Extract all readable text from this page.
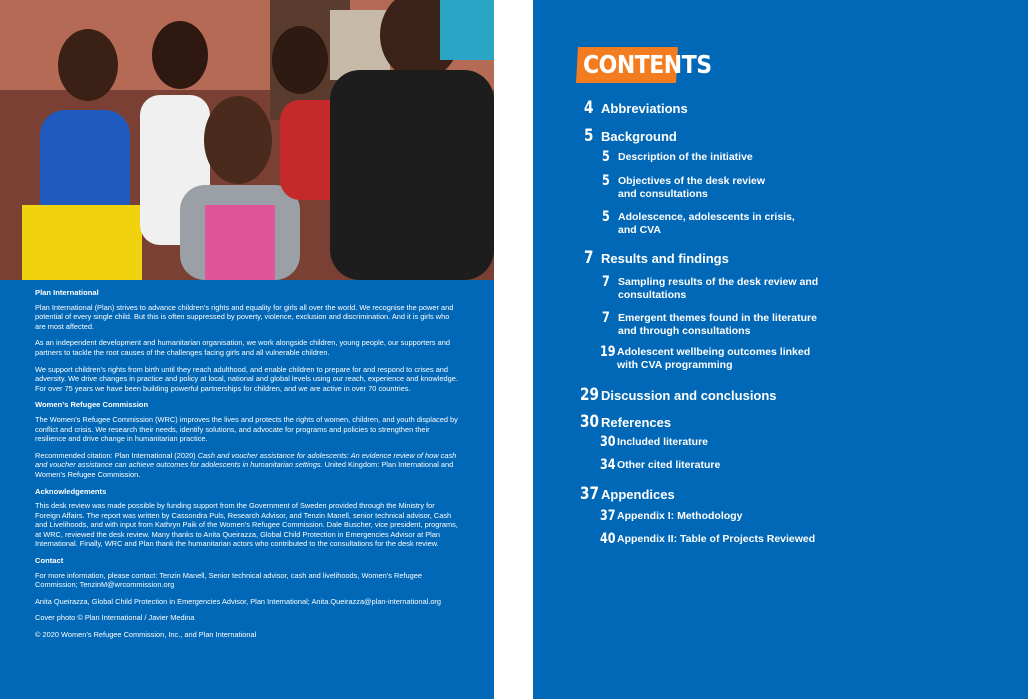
Plan International

Plan International (Plan) strives to advance children’s rights and equality for girls all over the world. We recognise the power and potential of every single child. But this is often suppressed by poverty, violence, exclusion and discrimination. And it is girls who are most affected.

As an independent development and humanitarian organisation, we work alongside children, young people, our supporters and partners to tackle the root causes of the challenges facing girls and all vulnerable children.

We support children’s rights from birth until they reach adulthood, and enable children to prepare for and respond to crises and adversity. We drive changes in practice and policy at local, national and global levels using our reach, experience and knowledge. For over 75 years we have been building powerful partnerships for children, and we are active in over 70 countries.

Women’s Refugee Commission

The Women’s Refugee Commission (WRC) improves the lives and protects the rights of women, children, and youth displaced by conflict and crisis. We research their needs, identify solutions, and advocate for programs and policies to strengthen their resilience and drive change in humanitarian practice.

Recommended citation: Plan International (2020) Cash and voucher assistance for adolescents: An evidence review of how cash and voucher assistance can achieve outcomes for adolescents in humanitarian settings. United Kingdom: Plan International and Women’s Refugee Commission.

Acknowledgements

This desk review was made possible by funding support from the Government of Sweden provided through the Ministry for Foreign Affairs. The report was written by Cassondra Puls, Research Advisor, and Tenzin Manell, senior technical advisor, Cash and Livelihoods, and with input from Kathryn Paik of the Women’s Refugee Commission. Dale Buscher, vice president, programs, at WRC, reviewed the desk review. Many thanks to Anita Queirazza, Global Child Protection in Emergencies Advisor at Plan International. Finally, WRC and Plan thank the humanitarian actors who contributed to the consultations for the desk review.

Contact

For more information, please contact: Tenzin Manell, Senior technical advisor, cash and livelihoods, Women’s Refugee Commission; TenzinM@wrcommission.org

Anita Queirazza, Global Child Protection in Emergencies Advisor, Plan International; Anita.Queirazza@plan-international.org

Cover photo © Plan International / Javier Medina

© 2020 Women’s Refugee Commission, Inc., and Plan International

CONTENTS
4 Abbreviations
5 Background
5 Description of the initiative
5 Objectives of the desk review
and consultations
5 Adolescence, adolescents in crisis,
and CVA
7 Results and findings
7 Sampling results of the desk review and
consultations
7 Emergent themes found in the literature
and through consultations
19Adolescent wellbeing outcomes linked
with CVA programming
29 Discussion and conclusions
30 References
30Included literature
34Other cited literature
37 Appendices
37Appendix I: Methodology
40Appendix II: Table of Projects Reviewed
